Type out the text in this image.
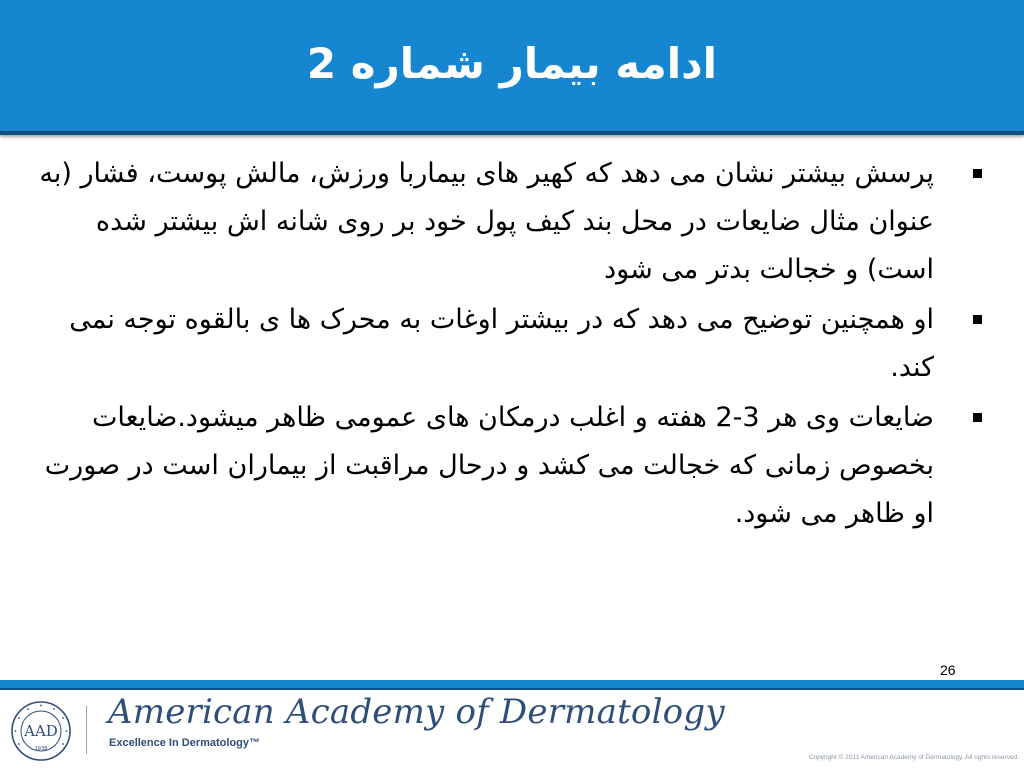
ادامه بیمار شماره 2
پرسش بیشتر نشان می دهد که کهیر های بیماربا ورزش، مالش پوست، فشار (به عنوان مثال ضایعات در محل بند کیف پول خود بر روی شانه اش بیشتر شده است) و خجالت بدتر می شود
او همچنین توضیح می دهد که در بیشتر اوغات به محرک ها ی بالقوه توجه نمی کند.
ضایعات وی هر 3-2 هفته و اغلب درمکان های عمومی ظاهر میشود.ضایعات بخصوص زمانی که خجالت می کشد و درحال مراقبت از بیماران است در صورت او ظاهر می شود.
26
AAD
1938
American Academy of Dermatology
Excellence In Dermatology™
Copyright © 2011 American Academy of Dermatology. All rights reserved.
